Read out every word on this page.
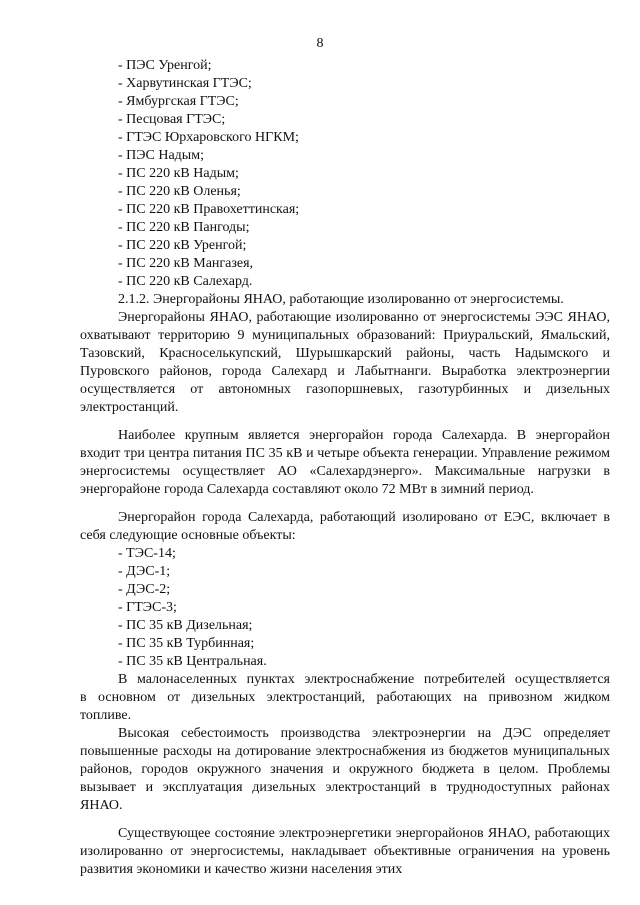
8
- ПЭС Уренгой;
- Харвутинская ГТЭС;
- Ямбургская ГТЭС;
- Песцовая ГТЭС;
- ГТЭС Юрхаровского НГКМ;
- ПЭС Надым;
- ПС 220 кВ Надым;
- ПС 220 кВ Оленья;
- ПС 220 кВ Правохеттинская;
- ПС 220 кВ Пангоды;
- ПС 220 кВ Уренгой;
- ПС 220 кВ Мангазея,
- ПС 220 кВ Салехард.
2.1.2. Энергорайоны ЯНАО, работающие изолированно от энергосистемы.

Энергорайоны ЯНАО, работающие изолированно от энергосистемы ЭЭС ЯНАО, охватывают территорию 9 муниципальных образований: Приуральский, Ямальский, Тазовский, Красноселькупский, Шурышкарский районы, часть Надымского и Пуровского районов, города Салехард и Лабытнанги. Выработка электроэнергии осуществляется от автономных газопоршневых, газотурбинных и дизельных электростанций.

Наиболее крупным является энергорайон города Салехарда. В энергорайон входит три центра питания ПС 35 кВ и четыре объекта генерации. Управление режимом энергосистемы осуществляет АО «Салехардэнерго». Максимальные нагрузки в энергорайоне города Салехарда составляют около 72 МВт в зимний период.

Энергорайон города Салехарда, работающий изолировано от ЕЭС, включает в себя следующие основные объекты:

- ТЭС-14;
- ДЭС-1;
- ДЭС-2;
- ГТЭС-3;
- ПС 35 кВ Дизельная;
- ПС 35 кВ Турбинная;
- ПС 35 кВ Центральная.

В малонаселенных пунктах электроснабжение потребителей осуществляется в основном от дизельных электростанций, работающих на привозном жидком топливе.

Высокая себестоимость производства электроэнергии на ДЭС определяет повышенные расходы на дотирование электроснабжения из бюджетов муниципальных районов, городов окружного значения и окружного бюджета в целом. Проблемы вызывает и эксплуатация дизельных электростанций в труднодоступных районах ЯНАО.

Существующее состояние электроэнергетики энергорайонов ЯНАО, работающих изолированно от энергосистемы, накладывает объективные ограничения на уровень развития экономики и качество жизни населения этих
